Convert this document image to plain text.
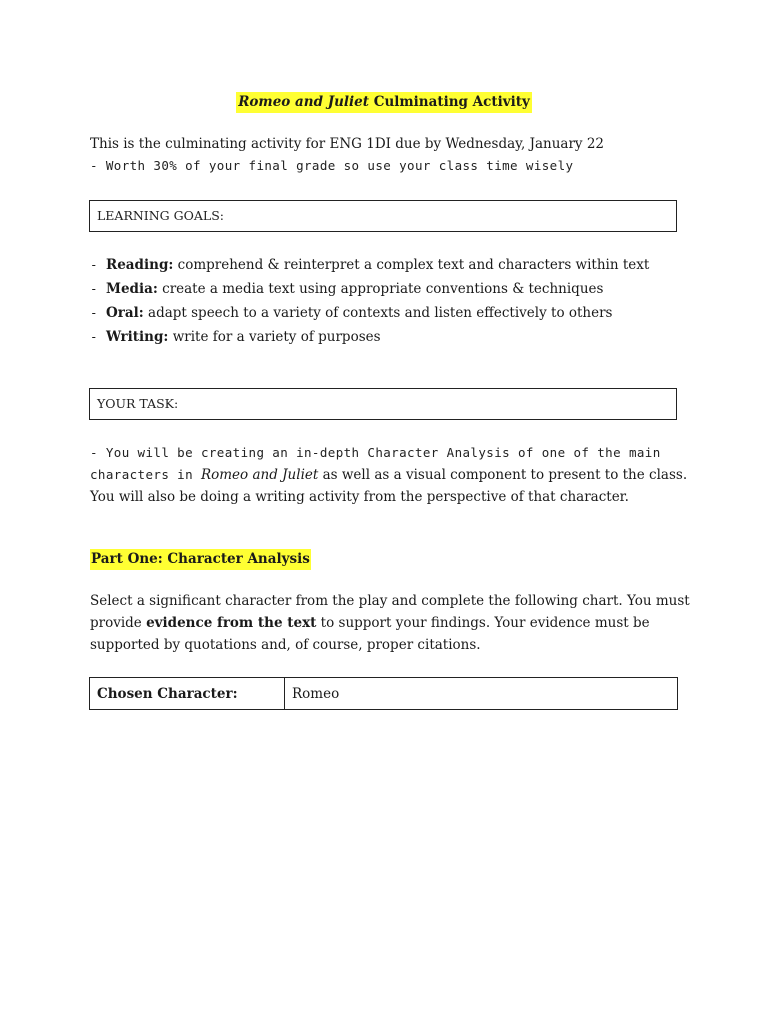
Romeo and Juliet Culminating Activity
This is the culminating activity for ENG 1DI due by Wednesday, January 22
- Worth 30% of your final grade so use your class time wisely
LEARNING GOALS:
- Reading: comprehend & reinterpret a complex text and characters within text
- Media: create a media text using appropriate conventions & techniques
- Oral: adapt speech to a variety of contexts and listen effectively to others
- Writing: write for a variety of purposes
YOUR TASK:
- You will be creating an in-depth Character Analysis of one of the main
characters in Romeo and Juliet as well as a visual component to present to the class. You will also be doing a writing activity from the perspective of that character.
Part One: Character Analysis
Select a significant character from the play and complete the following chart. You must provide evidence from the text to support your findings. Your evidence must be supported by quotations and, of course, proper citations.
Chosen Character:	Romeo
